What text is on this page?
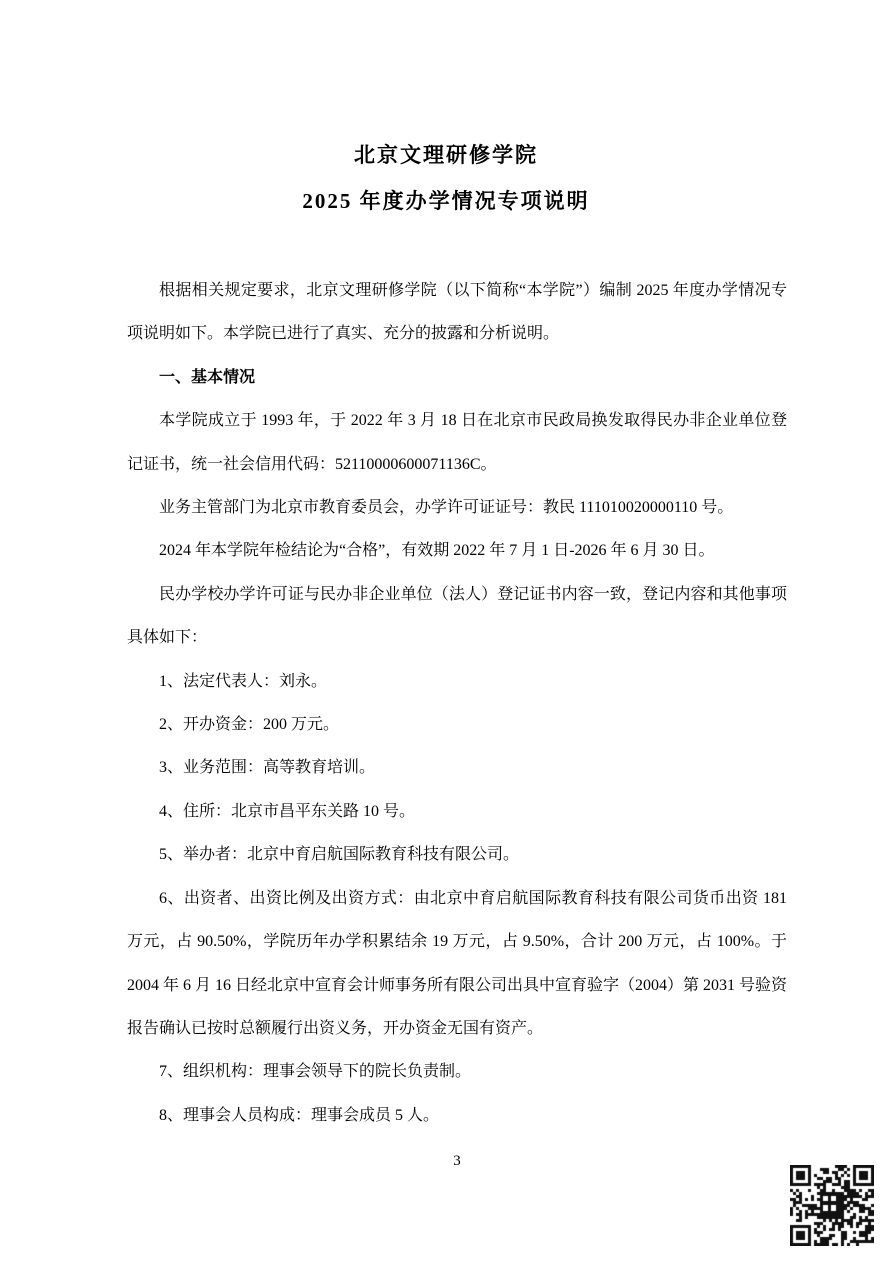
北京文理研修学院
2025 年度办学情况专项说明

根据相关规定要求，北京文理研修学院（以下简称“本学院”）编制 2025 年度办学情况专项说明如下。本学院已进行了真实、充分的披露和分析说明。

一、基本情况

本学院成立于 1993 年，于 2022 年 3 月 18 日在北京市民政局换发取得民办非企业单位登记证书，统一社会信用代码：52110000600071136C。

业务主管部门为北京市教育委员会，办学许可证证号：教民 111010020000110 号。

2024 年本学院年检结论为“合格”，有效期 2022 年 7 月 1 日-2026 年 6 月 30 日。

民办学校办学许可证与民办非企业单位（法人）登记证书内容一致，登记内容和其他事项具体如下：

1、法定代表人：刘永。

2、开办资金：200 万元。

3、业务范围：高等教育培训。

4、住所：北京市昌平东关路 10 号。

5、举办者：北京中育启航国际教育科技有限公司。

6、出资者、出资比例及出资方式：由北京中育启航国际教育科技有限公司货币出资 181 万元，占 90.50%，学院历年办学积累结余 19 万元，占 9.50%，合计 200 万元，占 100%。于 2004 年 6 月 16 日经北京中宣育会计师事务所有限公司出具中宣育验字（2004）第 2031 号验资报告确认已按时总额履行出资义务，开办资金无国有资产。

7、组织机构：理事会领导下的院长负责制。

8、理事会人员构成：理事会成员 5 人。

3
